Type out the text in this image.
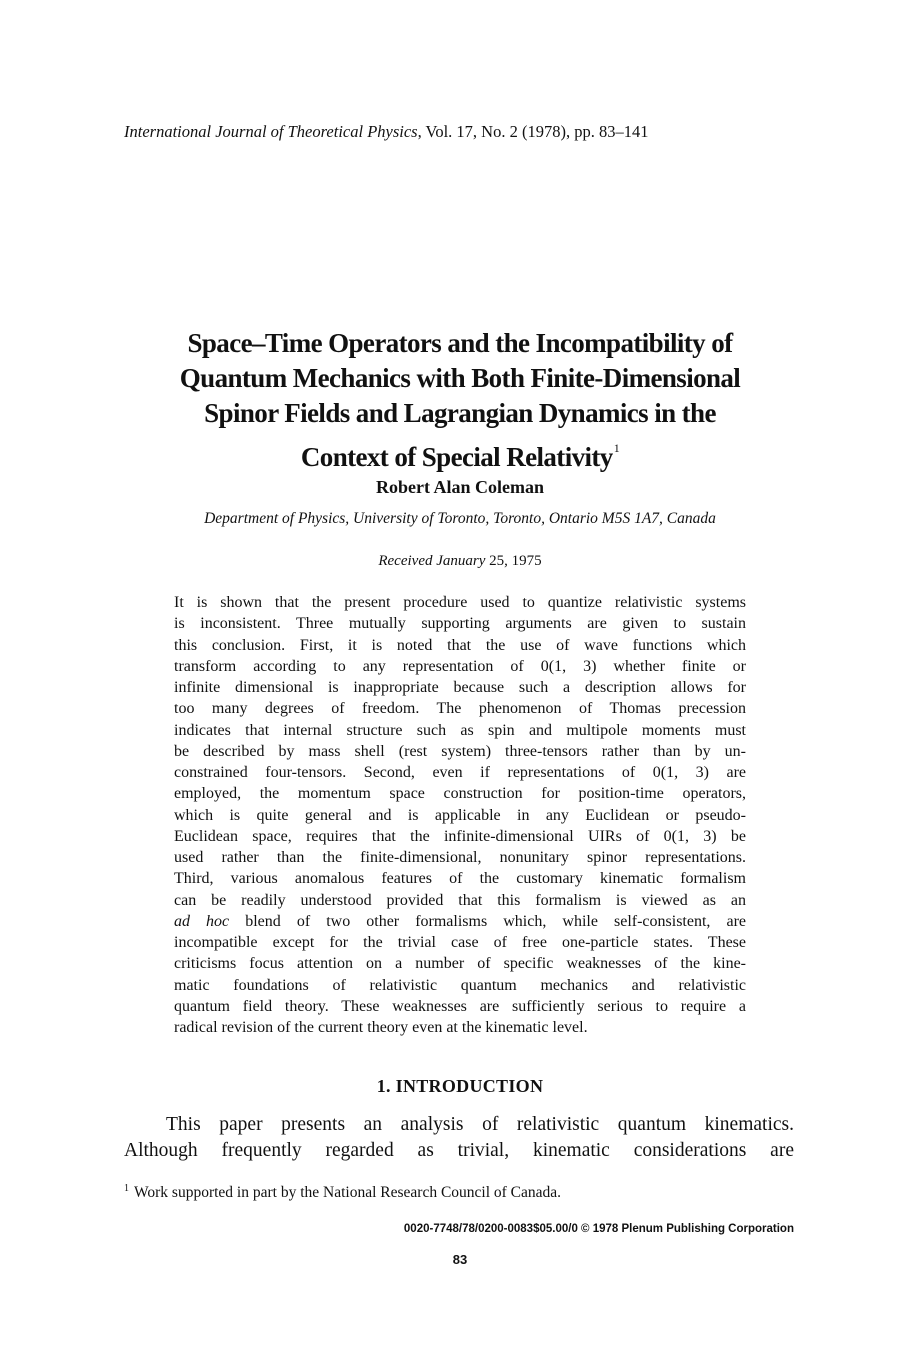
International Journal of Theoretical Physics, Vol. 17, No. 2 (1978), pp. 83–141
Space–Time Operators and the Incompatibility of
Quantum Mechanics with Both Finite-Dimensional
Spinor Fields and Lagrangian Dynamics in the
Context of Special Relativity$^1$
Robert Alan Coleman
Department of Physics, University of Toronto, Toronto, Ontario M5S 1A7, Canada
Received January 25, 1975
It is shown that the present procedure used to quantize relativistic systems
is inconsistent. Three mutually supporting arguments are given to sustain
this conclusion. First, it is noted that the use of wave functions which
transform according to any representation of 0(1, 3) whether finite or
infinite dimensional is inappropriate because such a description allows for
too many degrees of freedom. The phenomenon of Thomas precession
indicates that internal structure such as spin and multipole moments must
be described by mass shell (rest system) three-tensors rather than by un-
constrained four-tensors. Second, even if representations of 0(1, 3) are
employed, the momentum space construction for position-time operators,
which is quite general and is applicable in any Euclidean or pseudo-
Euclidean space, requires that the infinite-dimensional UIRs of 0(1, 3) be
used rather than the finite-dimensional, nonunitary spinor representations.
Third, various anomalous features of the customary kinematic formalism
can be readily understood provided that this formalism is viewed as an
ad hoc blend of two other formalisms which, while self-consistent, are
incompatible except for the trivial case of free one-particle states. These
criticisms focus attention on a number of specific weaknesses of the kine-
matic foundations of relativistic quantum mechanics and relativistic
quantum field theory. These weaknesses are sufficiently serious to require a
radical revision of the current theory even at the kinematic level.
1. INTRODUCTION
This paper presents an analysis of relativistic quantum kinematics.
Although frequently regarded as trivial, kinematic considerations are
$^1$ Work supported in part by the National Research Council of Canada.
0020-7748/78/0200-0083$05.00/0 © 1978 Plenum Publishing Corporation
83
